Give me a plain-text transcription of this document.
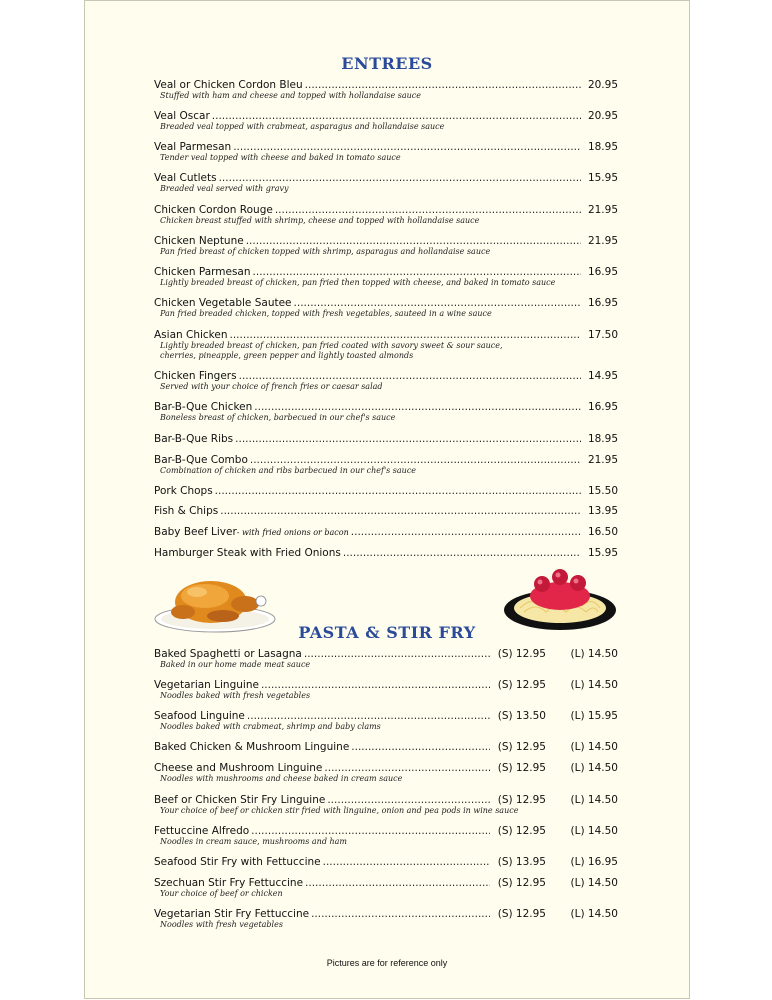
ENTREES
Veal or Chicken Cordon Bleu .....	20.95
Stuffed with ham and cheese and topped with hollandaise sauce
Veal Oscar .....	20.95
Breaded veal topped with crabmeat, asparagus and hollandaise sauce
Veal Parmesan .....	18.95
Tender veal topped with cheese and baked in tomato sauce
Veal Cutlets .....	15.95
Breaded veal served with gravy
Chicken Cordon Rouge .....	21.95
Chicken breast stuffed with shrimp, cheese and topped with hollandaise sauce
Chicken Neptune .....	21.95
Pan fried breast of chicken topped with shrimp, asparagus and hollandaise sauce
Chicken Parmesan .....	16.95
Lightly breaded breast of chicken, pan fried then topped with cheese, and baked in tomato sauce
Chicken Vegetable Sautee .....	16.95
Pan fried breaded chicken, topped with fresh vegetables, sauteed in a wine sauce
Asian Chicken .....	17.50
Lightly breaded breast of chicken, pan fried coated with savory sweet & sour sauce,
cherries, pineapple, green pepper and lightly toasted almonds
Chicken Fingers .....	14.95
Served with your choice of french fries or caesar salad
Bar-B-Que Chicken .....	16.95
Boneless breast of chicken, barbecued in our chef's sauce
Bar-B-Que Ribs .....	18.95
Bar-B-Que Combo .....	21.95
Combination of chicken and ribs barbecued in our chef's sauce
Pork Chops .....	15.50
Fish & Chips .....	13.95
Baby Beef Liver - with fried onions or bacon .....	16.50
Hamburger Steak with Fried Onions .....	15.95
PASTA & STIR FRY
Baked Spaghetti or Lasagna .....	(S) 12.95	(L) 14.50
Baked in our home made meat sauce
Vegetarian Linguine .....	(S) 12.95	(L) 14.50
Noodles baked with fresh vegetables
Seafood Linguine .....	(S) 13.50	(L) 15.95
Noodles baked with crabmeat, shrimp and baby clams
Baked Chicken & Mushroom Linguine .....	(S) 12.95	(L) 14.50
Cheese and Mushroom Linguine .....	(S) 12.95	(L) 14.50
Noodles with mushrooms and cheese baked in cream sauce
Beef or Chicken Stir Fry Linguine .....	(S) 12.95	(L) 14.50
Your choice of beef or chicken stir fried with linguine, onion and pea pods in wine sauce
Fettuccine Alfredo .....	(S) 12.95	(L) 14.50
Noodles in cream sauce, mushrooms and ham
Seafood Stir Fry with Fettuccine .....	(S) 13.95	(L) 16.95
Szechuan Stir Fry Fettuccine .....	(S) 12.95	(L) 14.50
Your choice of beef or chicken
Vegetarian Stir Fry Fettuccine .....	(S) 12.95	(L) 14.50
Noodles with fresh vegetables
Pictures are for reference only
